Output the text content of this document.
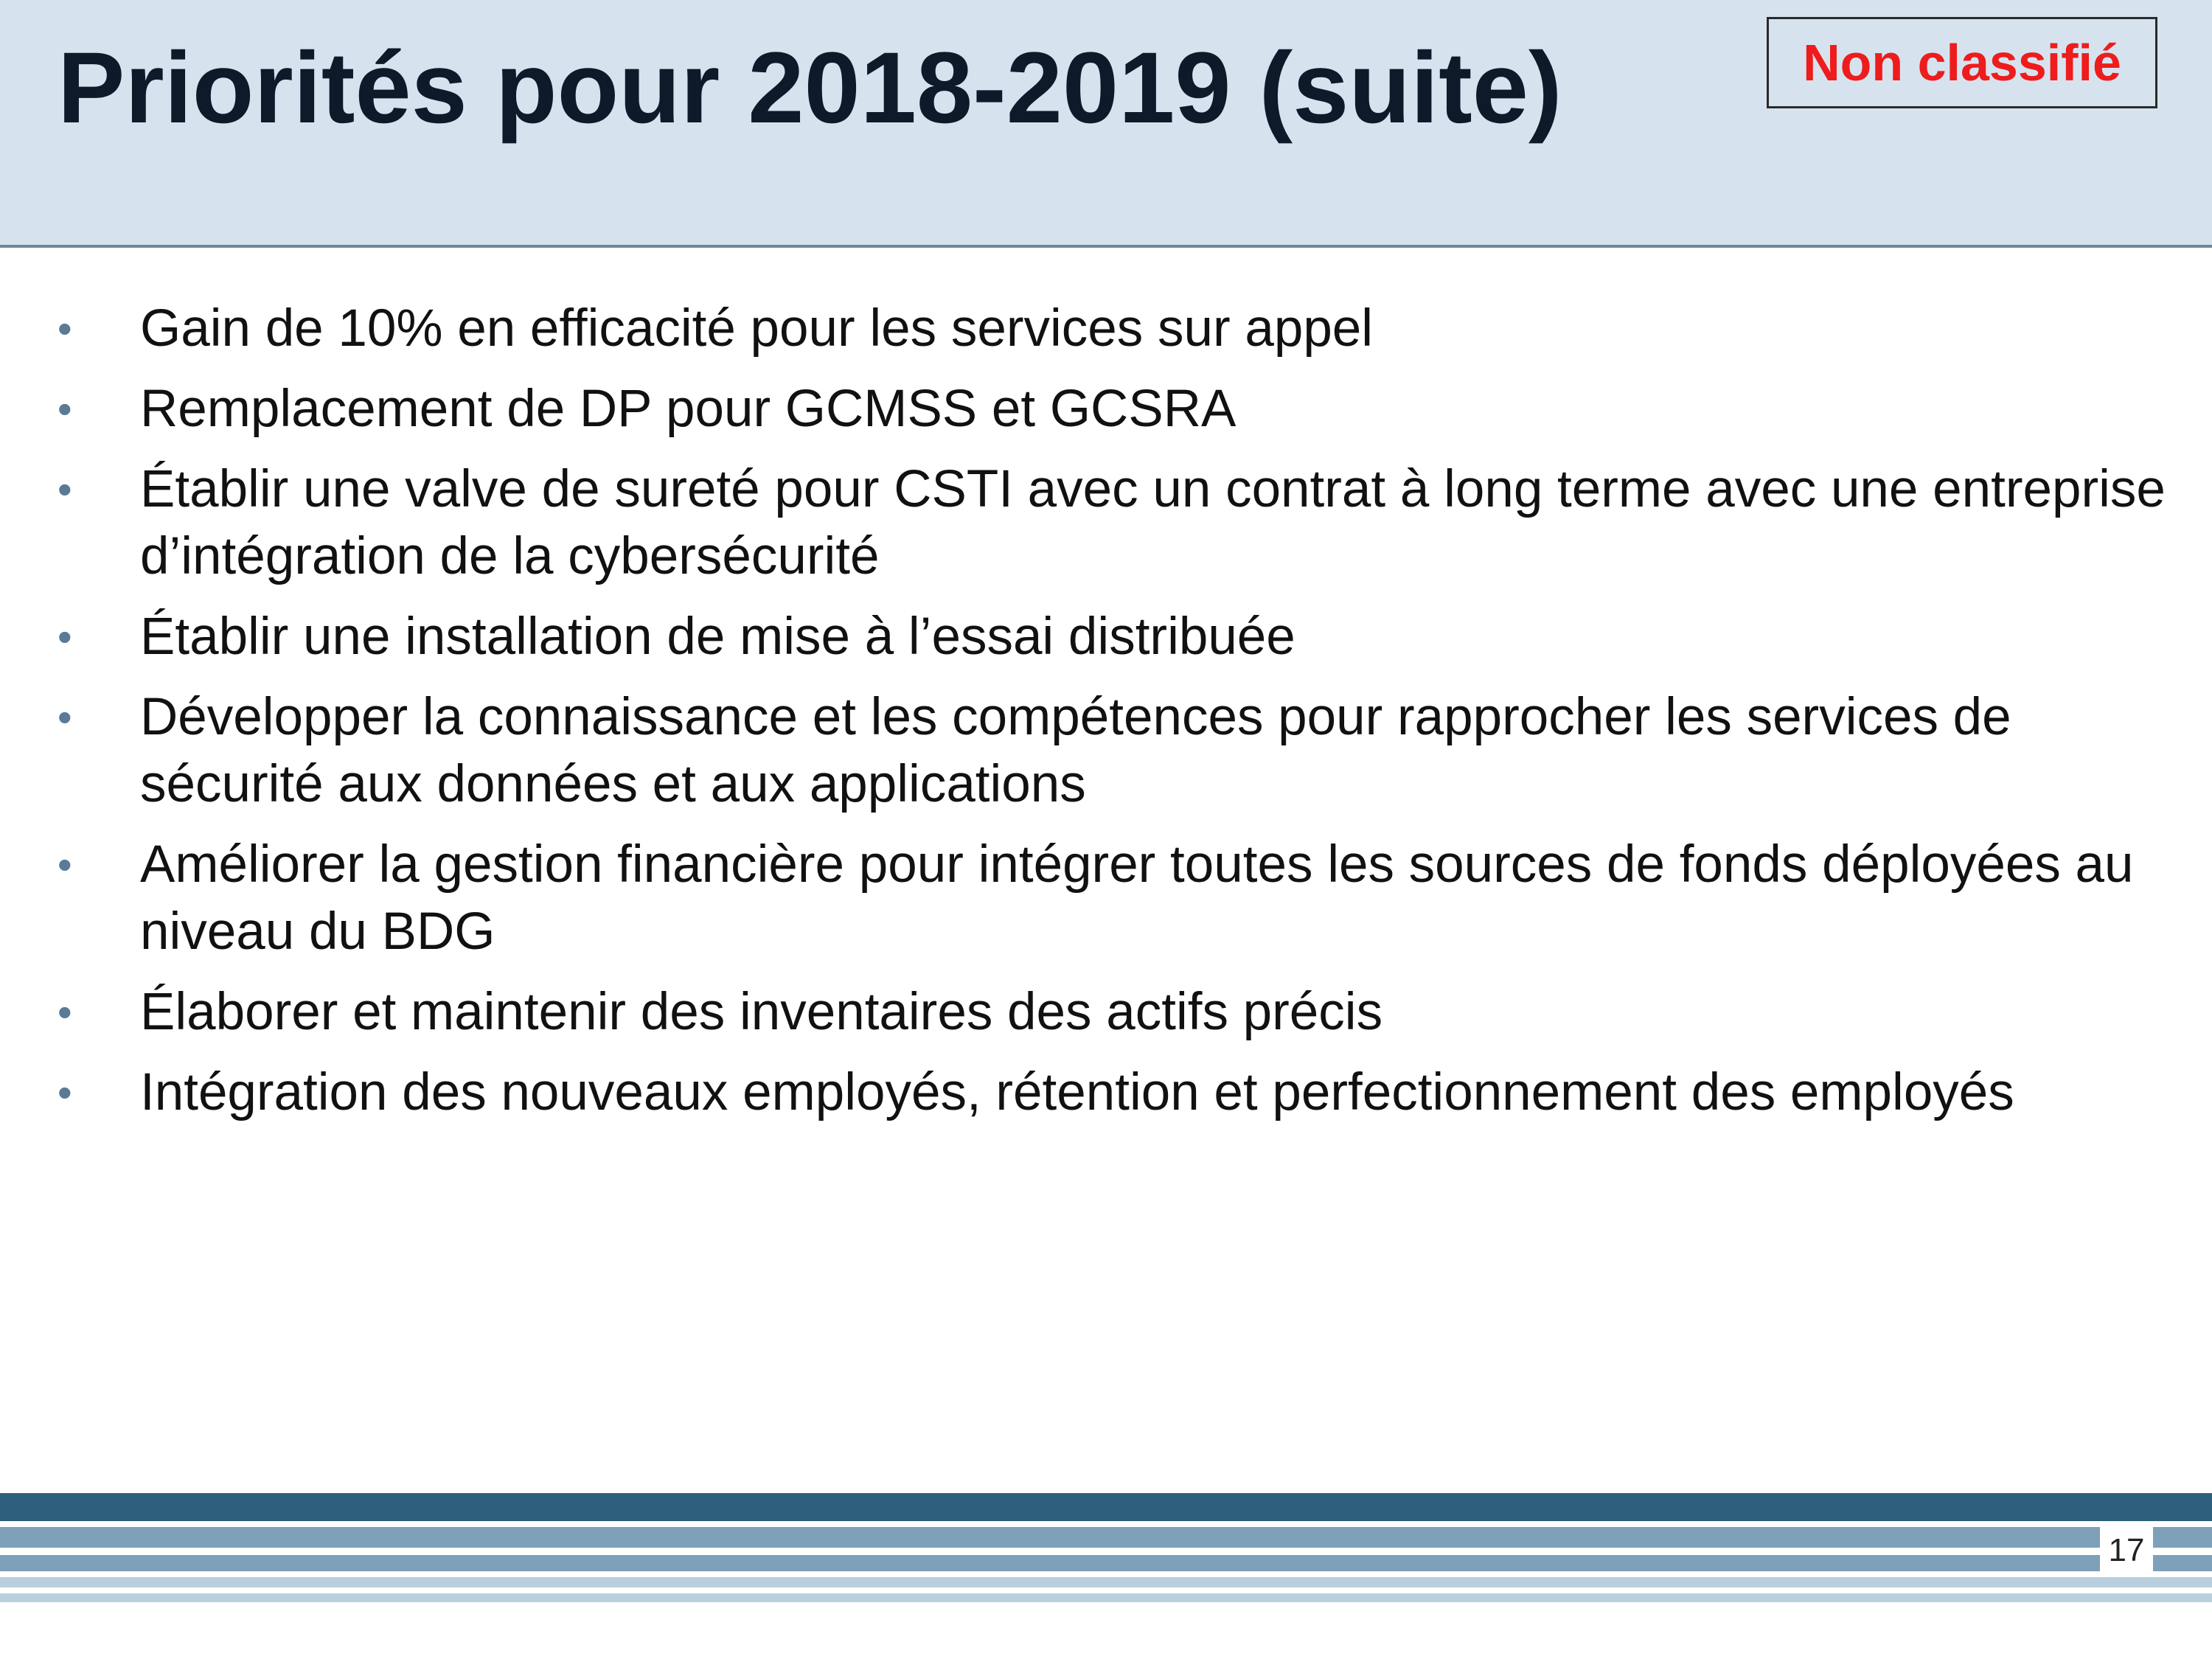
Priorités pour 2018-2019 (suite)	Non classifié
• Gain de 10% en efficacité pour les services sur appel
• Remplacement de DP pour GCMSS et GCSRA
• Établir une valve de sureté pour CSTI avec un contrat à long terme avec une entreprise d’intégration de la cybersécurité
• Établir une installation de mise à l’essai distribuée
• Développer la connaissance et les compétences pour rapprocher les services de sécurité aux données et aux applications
• Améliorer la gestion financière pour intégrer toutes les sources de fonds déployées au niveau du BDG
• Élaborer et maintenir des inventaires des actifs précis
• Intégration des nouveaux employés, rétention et perfectionnement des employés
17
